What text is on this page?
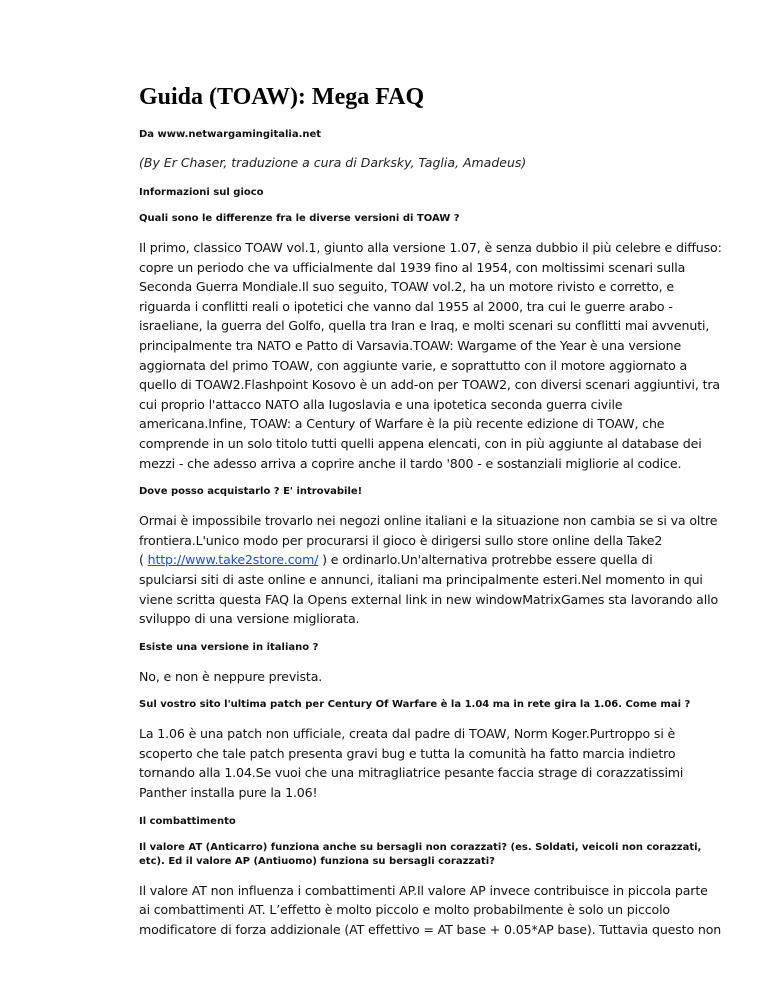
Guida (TOAW): Mega FAQ
Da www.netwargamingitalia.net
(By Er Chaser, traduzione a cura di Darksky, Taglia, Amadeus)
Informazioni sul gioco
Quali sono le differenze fra le diverse versioni di TOAW ?
Il primo, classico TOAW vol.1, giunto alla versione 1.07, è senza dubbio il più celebre e diffuso:
copre un periodo che va ufficialmente dal 1939 fino al 1954, con moltissimi scenari sulla
Seconda Guerra Mondiale.Il suo seguito, TOAW vol.2, ha un motore rivisto e corretto, e
riguarda i conflitti reali o ipotetici che vanno dal 1955 al 2000, tra cui le guerre arabo -
israeliane, la guerra del Golfo, quella tra Iran e Iraq, e molti scenari su conflitti mai avvenuti,
principalmente tra NATO e Patto di Varsavia.TOAW: Wargame of the Year è una versione
aggiornata del primo TOAW, con aggiunte varie, e soprattutto con il motore aggiornato a
quello di TOAW2.Flashpoint Kosovo è un add-on per TOAW2, con diversi scenari aggiuntivi, tra
cui proprio l'attacco NATO alla Iugoslavia e una ipotetica seconda guerra civile
americana.Infine, TOAW: a Century of Warfare è la più recente edizione di TOAW, che
comprende in un solo titolo tutti quelli appena elencati, con in più aggiunte al database dei
mezzi - che adesso arriva a coprire anche il tardo '800 - e sostanziali migliorie al codice.
Dove posso acquistarlo ? E' introvabile!
Ormai è impossibile trovarlo nei negozi online italiani e la situazione non cambia se si va oltre
frontiera.L'unico modo per procurarsi il gioco è dirigersi sullo store online della Take2
( http://www.take2store.com/ ) e ordinarlo.Un'alternativa protrebbe essere quella di
spulciarsi siti di aste online e annunci, italiani ma principalmente esteri.Nel momento in qui
viene scritta questa FAQ la Opens external link in new windowMatrixGames sta lavorando allo
sviluppo di una versione migliorata.
Esiste una versione in italiano ?
No, e non è neppure prevista.
Sul vostro sito l'ultima patch per Century Of Warfare è la 1.04 ma in rete gira la 1.06. Come mai ?
La 1.06 è una patch non ufficiale, creata dal padre di TOAW, Norm Koger.Purtroppo si è
scoperto che tale patch presenta gravi bug e tutta la comunità ha fatto marcia indietro
tornando alla 1.04.Se vuoi che una mitragliatrice pesante faccia strage di corazzatissimi
Panther installa pure la 1.06!
Il combattimento
Il valore AT (Anticarro) funziona anche su bersagli non corazzati? (es. Soldati, veicoli non corazzati,
etc). Ed il valore AP (Antiuomo) funziona su bersagli corazzati?
Il valore AT non influenza i combattimenti AP.Il valore AP invece contribuisce in piccola parte
ai combattimenti AT. L’effetto è molto piccolo e molto probabilmente è solo un piccolo
modificatore di forza addizionale (AT effettivo = AT base + 0.05*AP base). Tuttavia questo non
